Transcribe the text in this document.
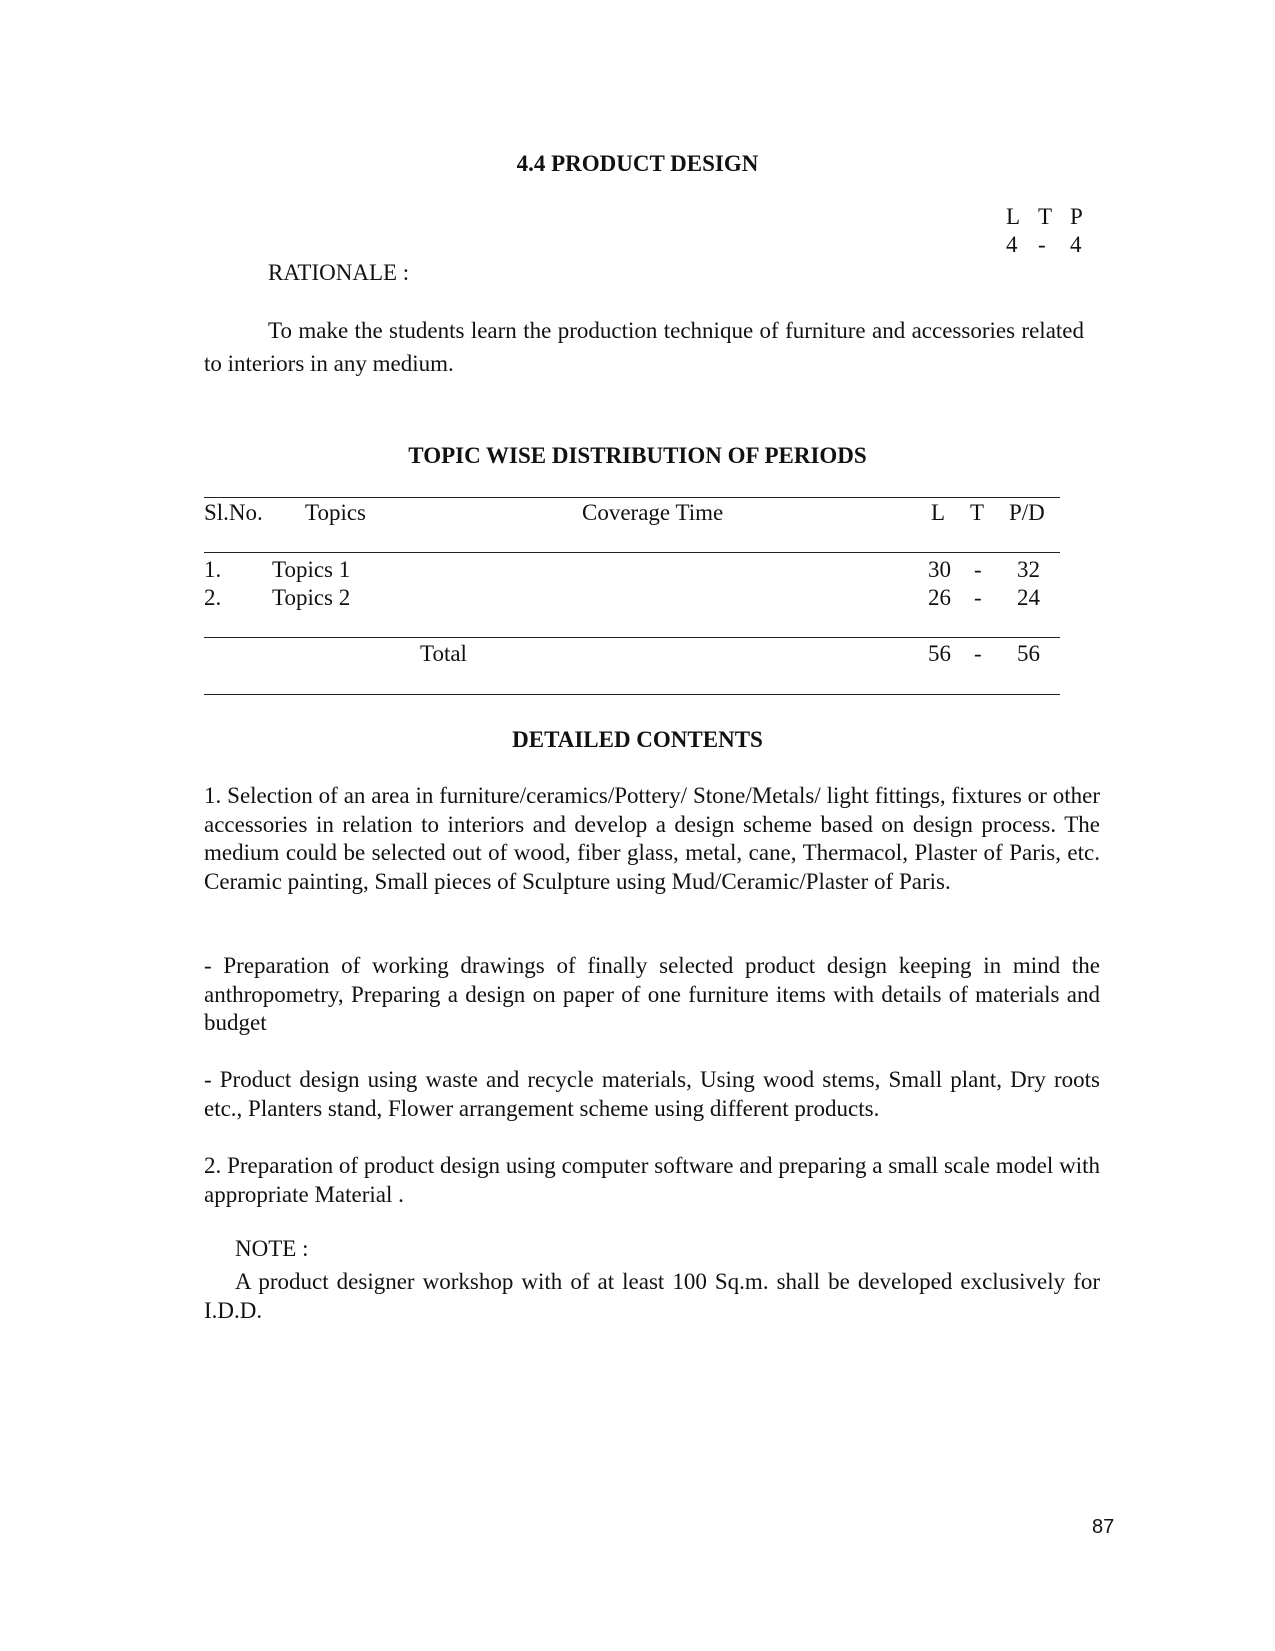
4.4 PRODUCT DESIGN
L T P
4 - 4
RATIONALE :
To make the students learn the production technique of furniture and accessories related to interiors in any medium.
TOPIC WISE DISTRIBUTION OF PERIODS
Sl.No. Topics	Coverage Time	L T P/D
1. Topics 1	30 -	32
2. Topics 2	26 -	24
Total	56 -	56
DETAILED CONTENTS
1. Selection of an area in furniture/ceramics/Pottery/ Stone/Metals/ light fittings, fixtures or other accessories in relation to interiors and develop a design scheme based on design process. The medium could be selected out of wood, fiber glass, metal, cane, Thermacol, Plaster of Paris, etc. Ceramic painting, Small pieces of Sculpture using Mud/Ceramic/Plaster of Paris.
- Preparation of working drawings of finally selected product design keeping in mind the anthropometry, Preparing a design on paper of one furniture items with details of materials and budget
- Product design using waste and recycle materials, Using wood stems, Small plant, Dry roots etc., Planters stand, Flower arrangement scheme using different products.
2. Preparation of product design using computer software and preparing a small scale model with appropriate Material .
NOTE :
A product designer workshop with of at least 100 Sq.m. shall be developed exclusively for I.D.D.
87
